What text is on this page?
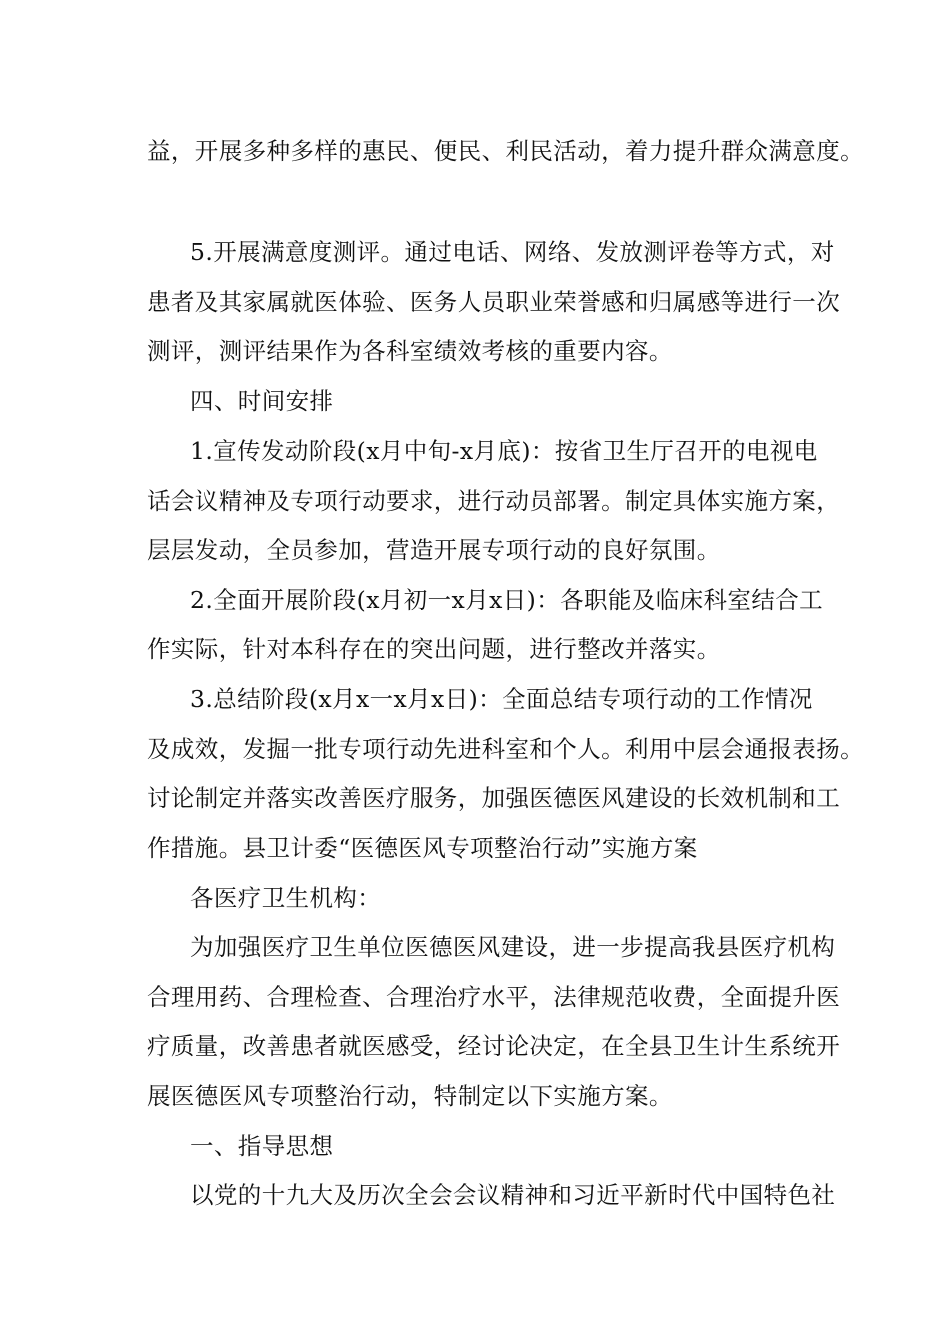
益，开展多种多样的惠民、便民、利民活动，着力提升群众满意度。
5.开展满意度测评。通过电话、网络、发放测评卷等方式，对
患者及其家属就医体验、医务人员职业荣誉感和归属感等进行一次
测评，测评结果作为各科室绩效考核的重要内容。
四、时间安排
1.宣传发动阶段(x月中旬-x月底)：按省卫生厅召开的电视电
话会议精神及专项行动要求，进行动员部署。制定具体实施方案，
层层发动，全员参加，营造开展专项行动的良好氛围。
2.全面开展阶段(x月初一x月x日)：各职能及临床科室结合工
作实际，针对本科存在的突出问题，进行整改并落实。
3.总结阶段(x月x一x月x日)：全面总结专项行动的工作情况
及成效，发掘一批专项行动先进科室和个人。利用中层会通报表扬。
讨论制定并落实改善医疗服务，加强医德医风建设的长效机制和工
作措施。县卫计委“医德医风专项整治行动”实施方案
各医疗卫生机构：
为加强医疗卫生单位医德医风建设，进一步提高我县医疗机构
合理用药、合理检查、合理治疗水平，法律规范收费，全面提升医
疗质量，改善患者就医感受，经讨论决定，在全县卫生计生系统开
展医德医风专项整治行动，特制定以下实施方案。
一、指导思想
以党的十九大及历次全会会议精神和习近平新时代中国特色社
